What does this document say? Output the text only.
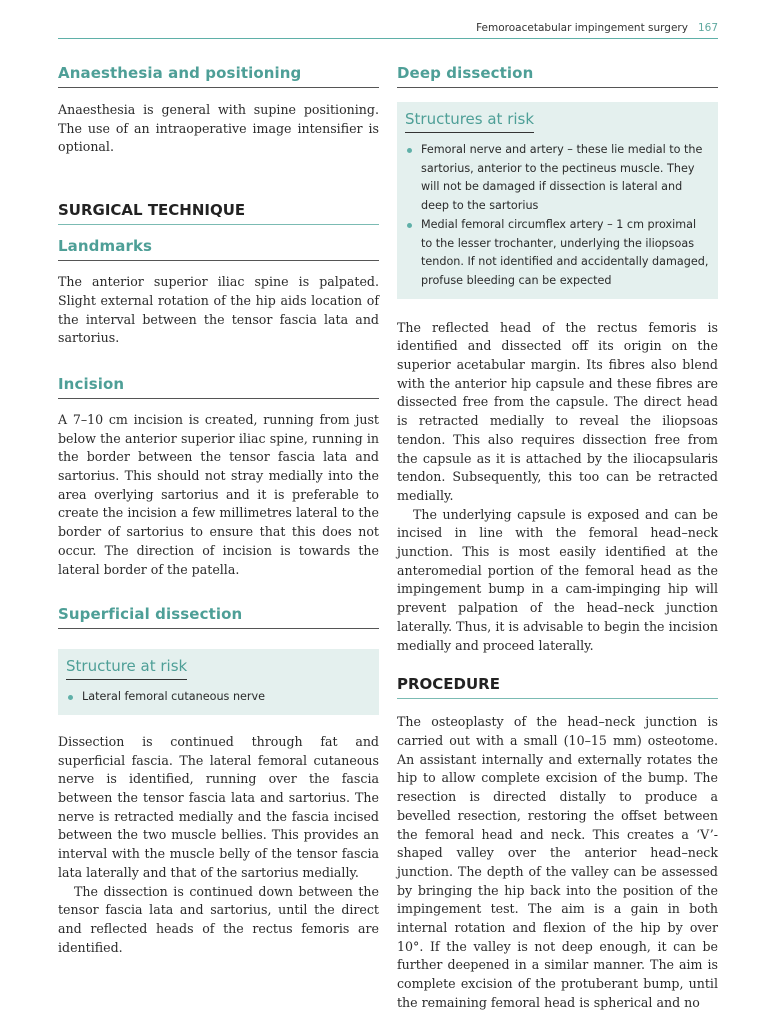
Femoroacetabular impingement surgery 167
Anaesthesia and positioning

Anaesthesia is general with supine positioning. The use of an intraoperative image intensifier is optional.

SURGICAL TECHNIQUE
Landmarks

The anterior superior iliac spine is palpated. Slight external rotation of the hip aids location of the interval between the tensor fascia lata and sartorius.

Incision

A 7–10 cm incision is created, running from just below the anterior superior iliac spine, running in the border between the tensor fascia lata and sartorius. This should not stray medially into the area overlying sartorius and it is preferable to create the incision a few millimetres lateral to the border of sartorius to ensure that this does not occur. The direction of incision is towards the lateral border of the patella.

Superficial dissection
Structure at risk
Lateral femoral cutaneous nerve

Dissection is continued through fat and superficial fascia. The lateral femoral cutaneous nerve is identified, running over the fascia between the tensor fascia lata and sartorius. The nerve is retracted medially and the fascia incised between the two muscle bellies. This provides an interval with the muscle belly of the tensor fascia lata laterally and that of the sartorius medially.

The dissection is continued down between the tensor fascia lata and sartorius, until the direct and reflected heads of the rectus femoris are identified.

Deep dissection
Structures at risk
Femoral nerve and artery – these lie medial to the sartorius, anterior to the pectineus muscle. They will not be damaged if dissection is lateral and deep to the sartorius
Medial femoral circumflex artery – 1 cm proximal to the lesser trochanter, underlying the iliopsoas tendon. If not identified and accidentally damaged, profuse bleeding can be expected

The reflected head of the rectus femoris is identified and dissected off its origin on the superior acetabular margin. Its fibres also blend with the anterior hip capsule and these fibres are dissected free from the capsule. The direct head is retracted medially to reveal the iliopsoas tendon. This also requires dissection free from the capsule as it is attached by the iliocapsularis tendon. Subsequently, this too can be retracted medially.

The underlying capsule is exposed and can be incised in line with the femoral head–neck junction. This is most easily identified at the anteromedial portion of the femoral head as the impingement bump in a cam-impinging hip will prevent palpation of the head–neck junction laterally. Thus, it is advisable to begin the incision medially and proceed laterally.

PROCEDURE

The osteoplasty of the head–neck junction is carried out with a small (10–15 mm) osteotome. An assistant internally and externally rotates the hip to allow complete excision of the bump. The resection is directed distally to produce a bevelled resection, restoring the offset between the femoral head and neck. This creates a ‘V’-shaped valley over the anterior head–neck junction. The depth of the valley can be assessed by bringing the hip back into the position of the impingement test. The aim is a gain in both internal rotation and flexion of the hip by over 10°. If the valley is not deep enough, it can be further deepened in a similar manner. The aim is complete excision of the protuberant bump, until the remaining femoral head is spherical and no
